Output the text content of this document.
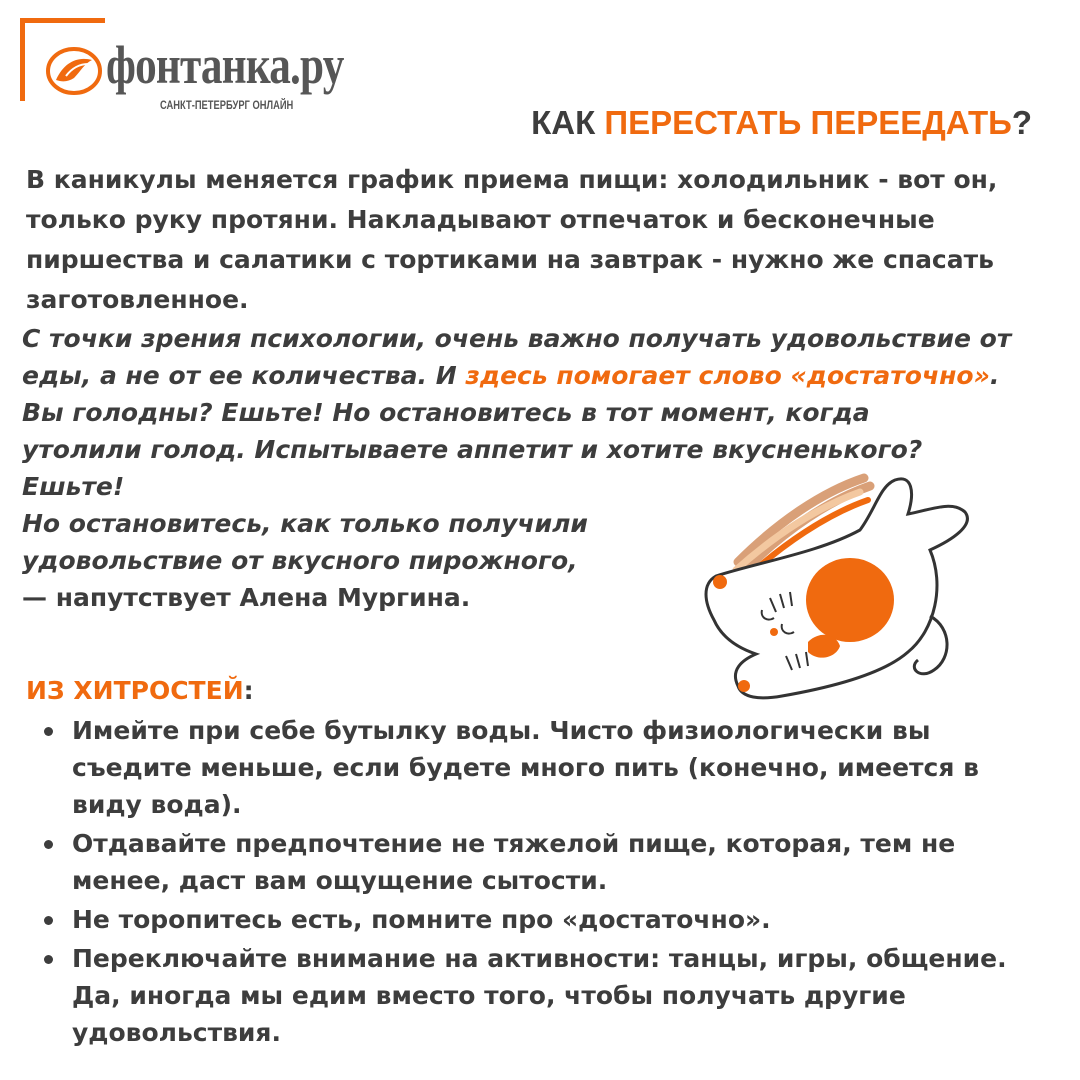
фонтанка.ру
САНКТ-ПЕТЕРБУРГ ОНЛАЙН	КАК ПЕРЕСТАТЬ ПЕРЕЕДАТЬ?

В каникулы меняется график приема пищи: холодильник - вот он, только руку протяни. Накладывают отпечаток и бесконечные пиршества и салатики с тортиками на завтрак - нужно же спасать заготовленное.

С точки зрения психологии, очень важно получать удовольствие от
еды, а не от ее количества. И здесь помогает слово «достаточно».
Вы голодны? Ешьте! Но остановитесь в тот момент, когда
утолили голод. Испытываете аппетит и хотите вкусненького?
Ешьте!
Но остановитесь, как только получили
удовольствие от вкусного пирожного,
— напутствует Алена Мургина.

ИЗ ХИТРОСТЕЙ:

Имейте при себе бутылку воды. Чисто физиологически вы съедите меньше, если будете много пить (конечно, имеется в виду вода).
Отдавайте предпочтение не тяжелой пище, которая, тем не менее, даст вам ощущение сытости.
Не торопитесь есть, помните про «достаточно».
Переключайте внимание на активности: танцы, игры, общение. Да, иногда мы едим вместо того, чтобы получать другие удовольствия.
